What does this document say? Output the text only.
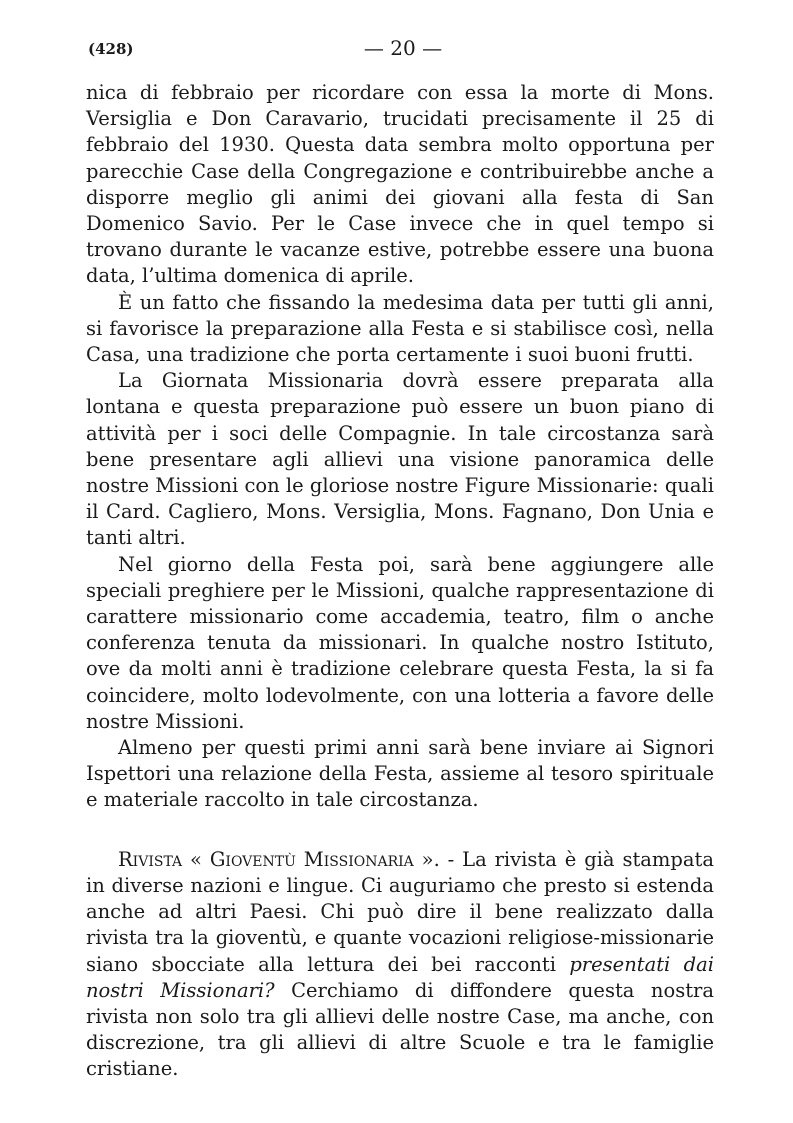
(428)	— 20 —

nica di febbraio per ricordare con essa la morte di Mons. Versiglia e Don Caravario, trucidati precisamente il 25 di febbraio del 1930. Questa data sembra molto opportuna per parecchie Case della Congregazione e contribuirebbe anche a disporre meglio gli animi dei giovani alla festa di San Domenico Savio. Per le Case invece che in quel tempo si trovano durante le vacanze estive, potrebbe essere una buona data, l’ultima domenica di aprile.

È un fatto che fissando la medesima data per tutti gli anni, si favorisce la preparazione alla Festa e si stabilisce così, nella Casa, una tradizione che porta certamente i suoi buoni frutti.

La Giornata Missionaria dovrà essere preparata alla lontana e questa preparazione può essere un buon piano di attività per i soci delle Compagnie. In tale circostanza sarà bene presentare agli allievi una visione panoramica delle nostre Missioni con le gloriose nostre Figure Missionarie: quali il Card. Cagliero, Mons. Versiglia, Mons. Fagnano, Don Unia e tanti altri.

Nel giorno della Festa poi, sarà bene aggiungere alle speciali preghiere per le Missioni, qualche rappresentazione di carattere missionario come accademia, teatro, film o anche conferenza tenuta da missionari. In qualche nostro Istituto, ove da molti anni è tradizione celebrare questa Festa, la si fa coincidere, molto lodevolmente, con una lotteria a favore delle nostre Missioni.

Almeno per questi primi anni sarà bene inviare ai Signori Ispettori una relazione della Festa, assieme al tesoro spirituale e materiale raccolto in tale circostanza.

Rivista « Gioventù Missionaria ». - La rivista è già stampata in diverse nazioni e lingue. Ci auguriamo che presto si estenda anche ad altri Paesi. Chi può dire il bene realizzato dalla rivista tra la gioventù, e quante vocazioni religiose-missionarie siano sbocciate alla lettura dei bei racconti presentati dai nostri Missionari? Cerchiamo di diffondere questa nostra rivista non solo tra gli allievi delle nostre Case, ma anche, con discrezione, tra gli allievi di altre Scuole e tra le famiglie cristiane.
